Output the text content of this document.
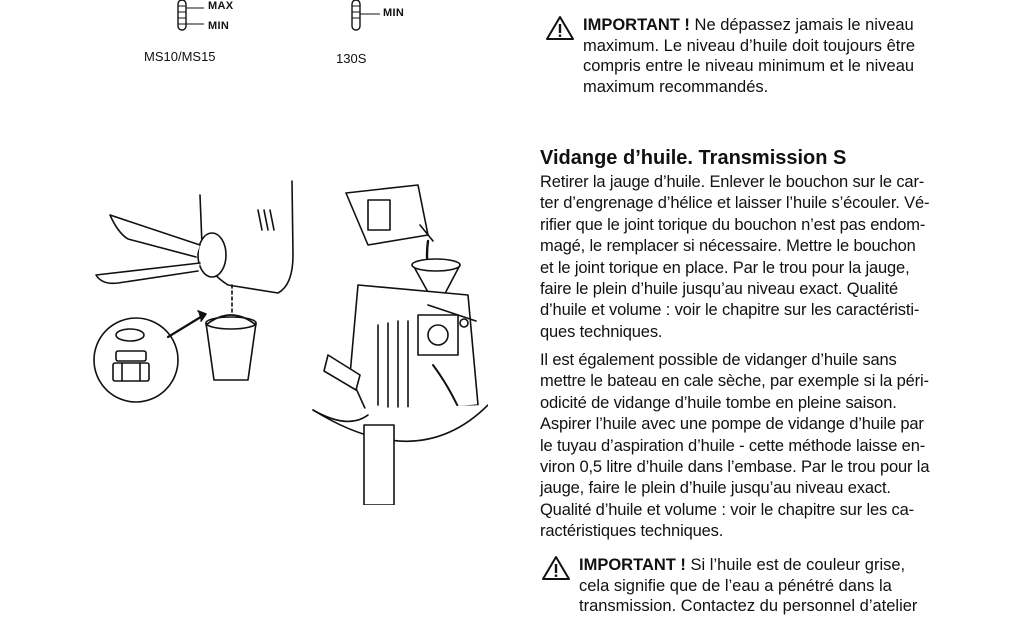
MAX
MIN
MIN
MS10/MS15	130S
IMPORTANT ! Ne dépassez jamais le niveau
maximum. Le niveau d’huile doit toujours être
compris entre le niveau minimum et le niveau
maximum recommandés.
Vidange d’huile. Transmission S
Retirer la jauge d’huile. Enlever le bouchon sur le car-
ter d’engrenage d’hélice et laisser l’huile s’écouler. Vé-
rifier que le joint torique du bouchon n’est pas endom-
magé, le remplacer si nécessaire. Mettre le bouchon
et le joint torique en place. Par le trou pour la jauge,
faire le plein d’huile jusqu’au niveau exact. Qualité
d’huile et volume : voir le chapitre sur les caractéristi-
ques techniques.
Il est également possible de vidanger d’huile sans
mettre le bateau en cale sèche, par exemple si la péri-
odicité de vidange d’huile tombe en pleine saison.
Aspirer l’huile avec une pompe de vidange d’huile par
le tuyau d’aspiration d’huile - cette méthode laisse en-
viron 0,5 litre d’huile dans l’embase. Par le trou pour la
jauge, faire le plein d’huile jusqu’au niveau exact.
Qualité d’huile et volume : voir le chapitre sur les ca-
ractéristiques techniques.
IMPORTANT ! Si l’huile est de couleur grise,
cela signifie que de l’eau a pénétré dans la
transmission. Contactez du personnel d’atelier
